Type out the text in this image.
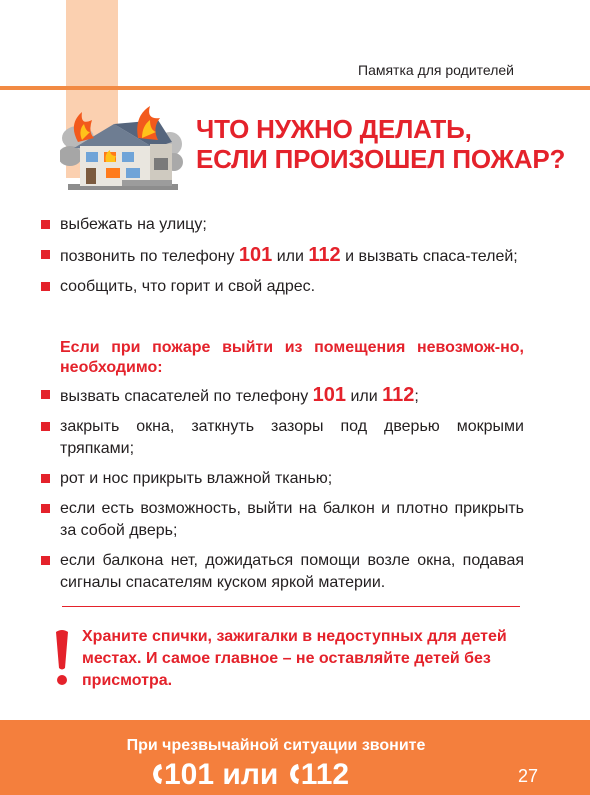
Памятка для родителей
ЧТО НУЖНО ДЕЛАТЬ,
ЕСЛИ ПРОИЗОШЕЛ ПОЖАР?
выбежать на улицу;
позвонить по телефону 101 или 112 и вызвать спаса-телей;
сообщить, что горит и свой адрес.

Если при пожаре выйти из помещения невозмож-но, необходимо:

вызвать спасателей по телефону 101 или 112;
закрыть окна, заткнуть зазоры под дверью мокрыми тряпками;
рот и нос прикрыть влажной тканью;
если есть возможность, выйти на балкон и плотно прикрыть за собой дверь;
если балкона нет, дожидаться помощи возле окна, подавая сигналы спасателям куском яркой материи.

Храните спички, зажигалки в недоступных для детей местах. И самое главное – не оставляйте детей без присмотра.

При чрезвычайной ситуации звоните
101 или 112	27
